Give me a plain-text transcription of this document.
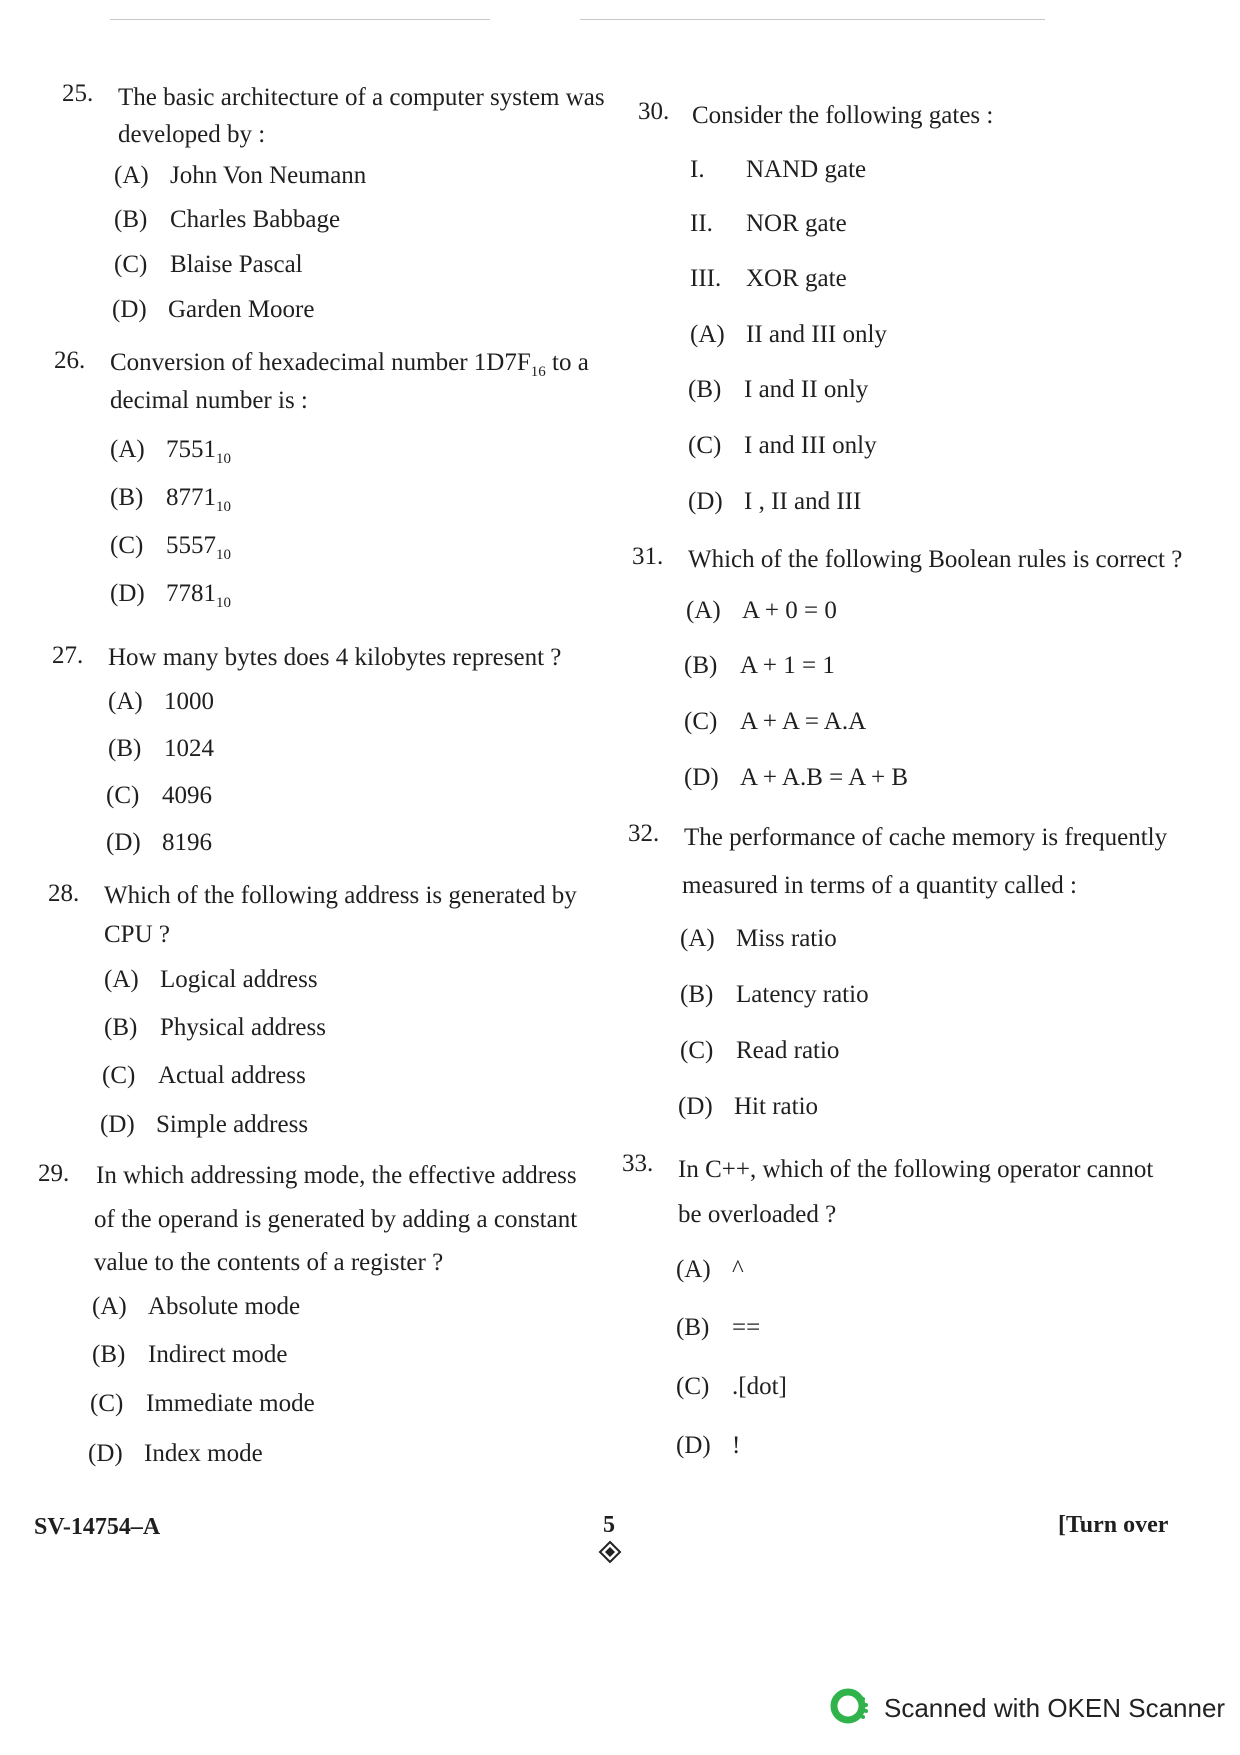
25. The basic architecture of a computer system was
developed by :
(A) John Von Neumann
(B) Charles Babbage
(C) Blaise Pascal
(D) Garden Moore
26. Conversion of hexadecimal number $1D7F_{16}$ to a
decimal number is :
(A) $7551_{10}$
(B) $8771_{10}$
(C) $5557_{10}$
(D) $7781_{10}$
27. How many bytes does 4 kilobytes represent ?
(A) 1000
(B) 1024
(C) 4096
(D) 8196
28. Which of the following address is generated by
CPU ?
(A) Logical address
(B) Physical address
(C) Actual address
(D) Simple address
29. In which addressing mode, the effective address
of the operand is generated by adding a constant
value to the contents of a register ?
(A) Absolute mode
(B) Indirect mode
(C) Immediate mode
(D) Index mode
30. Consider the following gates :
I. NAND gate
II. NOR gate
III. XOR gate
(A) II and III only
(B) I and II only
(C) I and III only
(D) I , II and III
31. Which of the following Boolean rules is correct ?
(A) A + 0 = 0
(B) A + 1 = 1
(C) A + A = A.A
(D) A + A.B = A + B
32. The performance of cache memory is frequently
measured in terms of a quantity called :
(A) Miss ratio
(B) Latency ratio
(C) Read ratio
(D) Hit ratio
33. In C++, which of the following operator cannot
be overloaded ?
(A) ^
(B) ==
(C) .[dot]
(D) !
SV-14754–A	5	[Turn over
Scanned with OKEN Scanner
